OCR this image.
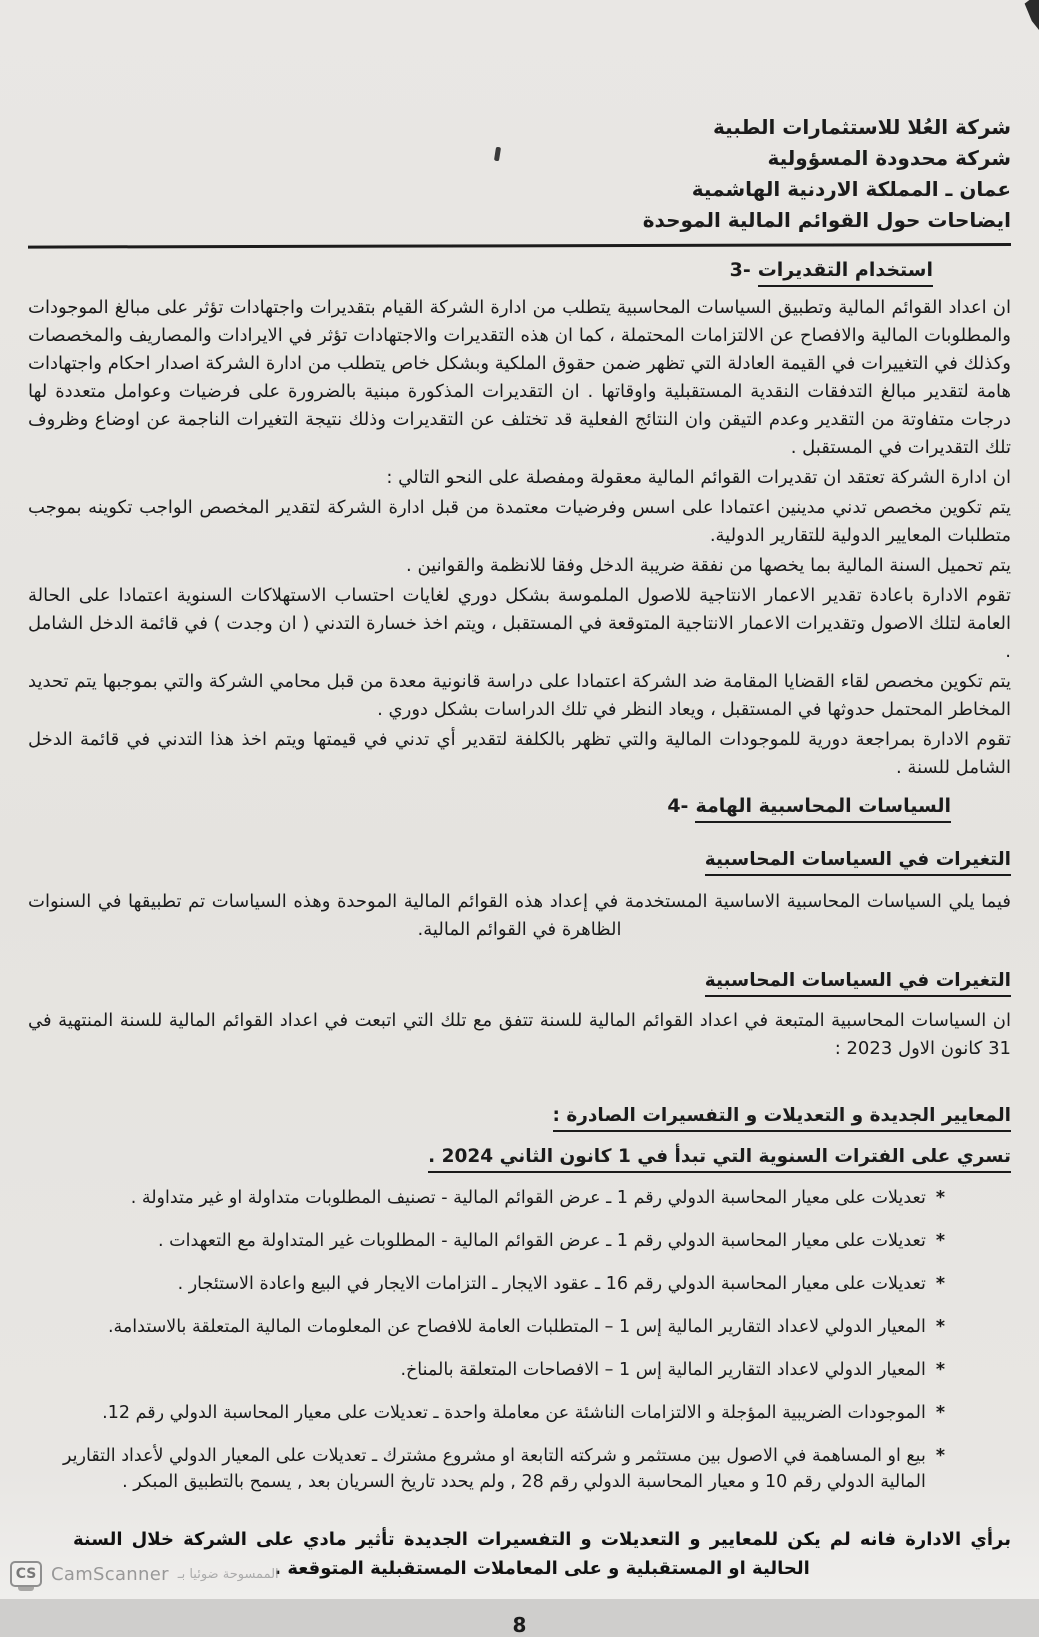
شركة العُلا للاستثمارات الطبية
شركة محدودة المسؤولية
عمان ـ المملكة الاردنية الهاشمية
ايضاحات حول القوائم المالية الموحدة
3- استخدام التقديرات

ان اعداد القوائم المالية وتطبيق السياسات المحاسبية يتطلب من ادارة الشركة القيام بتقديرات واجتهادات تؤثر على مبالغ الموجودات والمطلوبات المالية والافصاح عن الالتزامات المحتملة ، كما ان هذه التقديرات والاجتهادات تؤثر في الايرادات والمصاريف والمخصصات وكذلك في التغييرات في القيمة العادلة التي تظهر ضمن حقوق الملكية وبشكل خاص يتطلب من ادارة الشركة اصدار احكام واجتهادات هامة لتقدير مبالغ التدفقات النقدية المستقبلية واوقاتها . ان التقديرات المذكورة مبنية بالضرورة على فرضيات وعوامل متعددة لها درجات متفاوتة من التقدير وعدم التيقن وان النتائج الفعلية قد تختلف عن التقديرات وذلك نتيجة التغيرات الناجمة عن اوضاع وظروف تلك التقديرات في المستقبل .

ان ادارة الشركة تعتقد ان تقديرات القوائم المالية معقولة ومفصلة على النحو التالي :

يتم تكوين مخصص تدني مدينين اعتمادا على اسس وفرضيات معتمدة من قبل ادارة الشركة لتقدير المخصص الواجب تكوينه بموجب متطلبات المعايير الدولية للتقارير الدولية.

يتم تحميل السنة المالية بما يخصها من نفقة ضريبة الدخل وفقا للانظمة والقوانين .

تقوم الادارة باعادة تقدير الاعمار الانتاجية للاصول الملموسة بشكل دوري لغايات احتساب الاستهلاكات السنوية اعتمادا على الحالة العامة لتلك الاصول وتقديرات الاعمار الانتاجية المتوقعة في المستقبل ، ويتم اخذ خسارة التدني ( ان وجدت ) في قائمة الدخل الشامل .

يتم تكوين مخصص لقاء القضايا المقامة ضد الشركة اعتمادا على دراسة قانونية معدة من قبل محامي الشركة والتي بموجبها يتم تحديد المخاطر المحتمل حدوثها في المستقبل ، ويعاد النظر في تلك الدراسات بشكل دوري .

تقوم الادارة بمراجعة دورية للموجودات المالية والتي تظهر بالكلفة لتقدير أي تدني في قيمتها ويتم اخذ هذا التدني في قائمة الدخل الشامل للسنة .

4- السياسات المحاسبية الهامة
التغيرات في السياسات المحاسبية

فيما يلي السياسات المحاسبية الاساسية المستخدمة في إعداد هذه القوائم المالية الموحدة وهذه السياسات تم تطبيقها في السنوات الظاهرة في القوائم المالية.

التغيرات في السياسات المحاسبية

ان السياسات المحاسبية المتبعة في اعداد القوائم المالية للسنة تتفق مع تلك التي اتبعت في اعداد القوائم المالية للسنة المنتهية في 31 كانون الاول 2023 :

المعايير الجديدة و التعديلات و التفسيرات الصادرة :
تسري على الفترات السنوية التي تبدأ في 1 كانون الثاني 2024 .
*
تعديلات على معيار المحاسبة الدولي رقم 1 ـ عرض القوائم المالية - تصنيف المطلوبات متداولة او غير متداولة .
*
تعديلات على معيار المحاسبة الدولي رقم 1 ـ عرض القوائم المالية - المطلوبات غير المتداولة مع التعهدات .
*
تعديلات على معيار المحاسبة الدولي رقم 16 ـ عقود الايجار ـ التزامات الايجار في البيع واعادة الاستئجار .
*
المعيار الدولي لاعداد التقارير المالية إس 1 – المتطلبات العامة للافصاح عن المعلومات المالية المتعلقة بالاستدامة.
*
المعيار الدولي لاعداد التقارير المالية إس 1 – الافصاحات المتعلقة بالمناخ.
*
الموجودات الضريبية المؤجلة و الالتزامات الناشئة عن معاملة واحدة ـ تعديلات على معيار المحاسبة الدولي رقم 12.
*
بيع او المساهمة في الاصول بين مستثمر و شركته التابعة او مشروع مشترك ـ تعديلات على المعيار الدولي لأعداد التقارير المالية الدولي رقم 10 و معيار المحاسبة الدولي رقم 28 , ولم يحدد تاريخ السريان بعد , يسمح بالتطبيق المبكر .

برأي الادارة فانه لم يكن للمعايير و التعديلات و التفسيرات الجديدة تأثير مادي على الشركة خلال السنة الحالية او المستقبلية و على المعاملات المستقبلية المتوقعة .

8
CS CamScanner الممسوحة ضوئيا بـ
